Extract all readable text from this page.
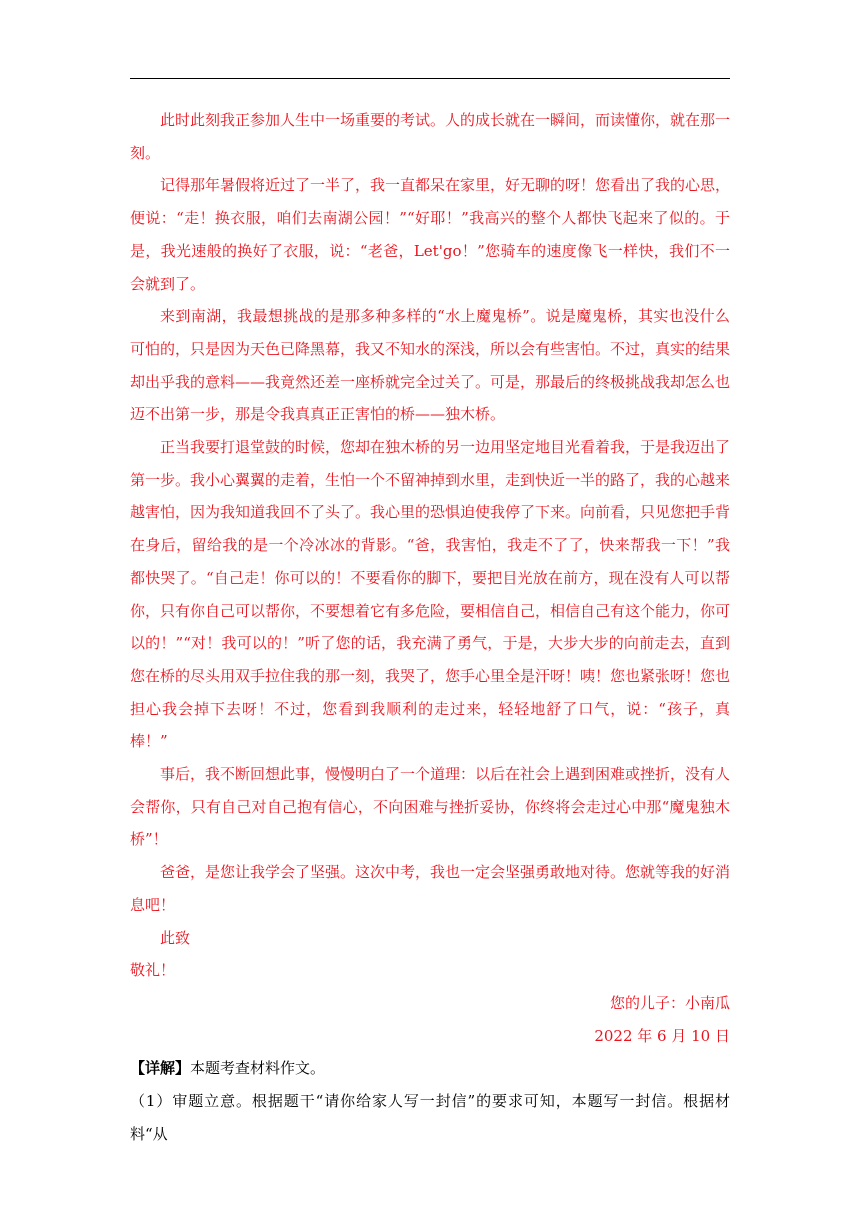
此时此刻我正参加人生中一场重要的考试。人的成长就在一瞬间，而读懂你，就在那一刻。

记得那年暑假将近过了一半了，我一直都呆在家里，好无聊的呀！您看出了我的心思，便说：“走！换衣服，咱们去南湖公园！”“好耶！”我高兴的整个人都快飞起来了似的。于是，我光速般的换好了衣服，说：“老爸，Let'go！”您骑车的速度像飞一样快，我们不一会就到了。

来到南湖，我最想挑战的是那多种多样的“水上魔鬼桥”。说是魔鬼桥，其实也没什么可怕的，只是因为天色已降黑幕，我又不知水的深浅，所以会有些害怕。不过，真实的结果却出乎我的意料——我竟然还差一座桥就完全过关了。可是，那最后的终极挑战我却怎么也迈不出第一步，那是令我真真正正害怕的桥——独木桥。

正当我要打退堂鼓的时候，您却在独木桥的另一边用坚定地目光看着我，于是我迈出了第一步。我小心翼翼的走着，生怕一个不留神掉到水里，走到快近一半的路了，我的心越来越害怕，因为我知道我回不了头了。我心里的恐惧迫使我停了下来。向前看，只见您把手背在身后，留给我的是一个冷冰冰的背影。“爸，我害怕，我走不了了，快来帮我一下！”我都快哭了。“自己走！你可以的！不要看你的脚下，要把目光放在前方，现在没有人可以帮你，只有你自己可以帮你，不要想着它有多危险，要相信自己，相信自己有这个能力，你可以的！”“对！我可以的！”听了您的话，我充满了勇气，于是，大步大步的向前走去，直到您在桥的尽头用双手拉住我的那一刻，我哭了，您手心里全是汗呀！咦！您也紧张呀！您也担心我会掉下去呀！不过，您看到我顺利的走过来，轻轻地舒了口气，说：“孩子，真棒！”

事后，我不断回想此事，慢慢明白了一个道理：以后在社会上遇到困难或挫折，没有人会帮你，只有自己对自己抱有信心，不向困难与挫折妥协，你终将会走过心中那“魔鬼独木桥”！

爸爸，是您让我学会了坚强。这次中考，我也一定会坚强勇敢地对待。您就等我的好消息吧！

此致

敬礼！

您的儿子：小南瓜

2022 年 6 月 10 日

【详解】本题考查材料作文。

（1）审题立意。根据题干“请你给家人写一封信”的要求可知，本题写一封信。根据材料“从
